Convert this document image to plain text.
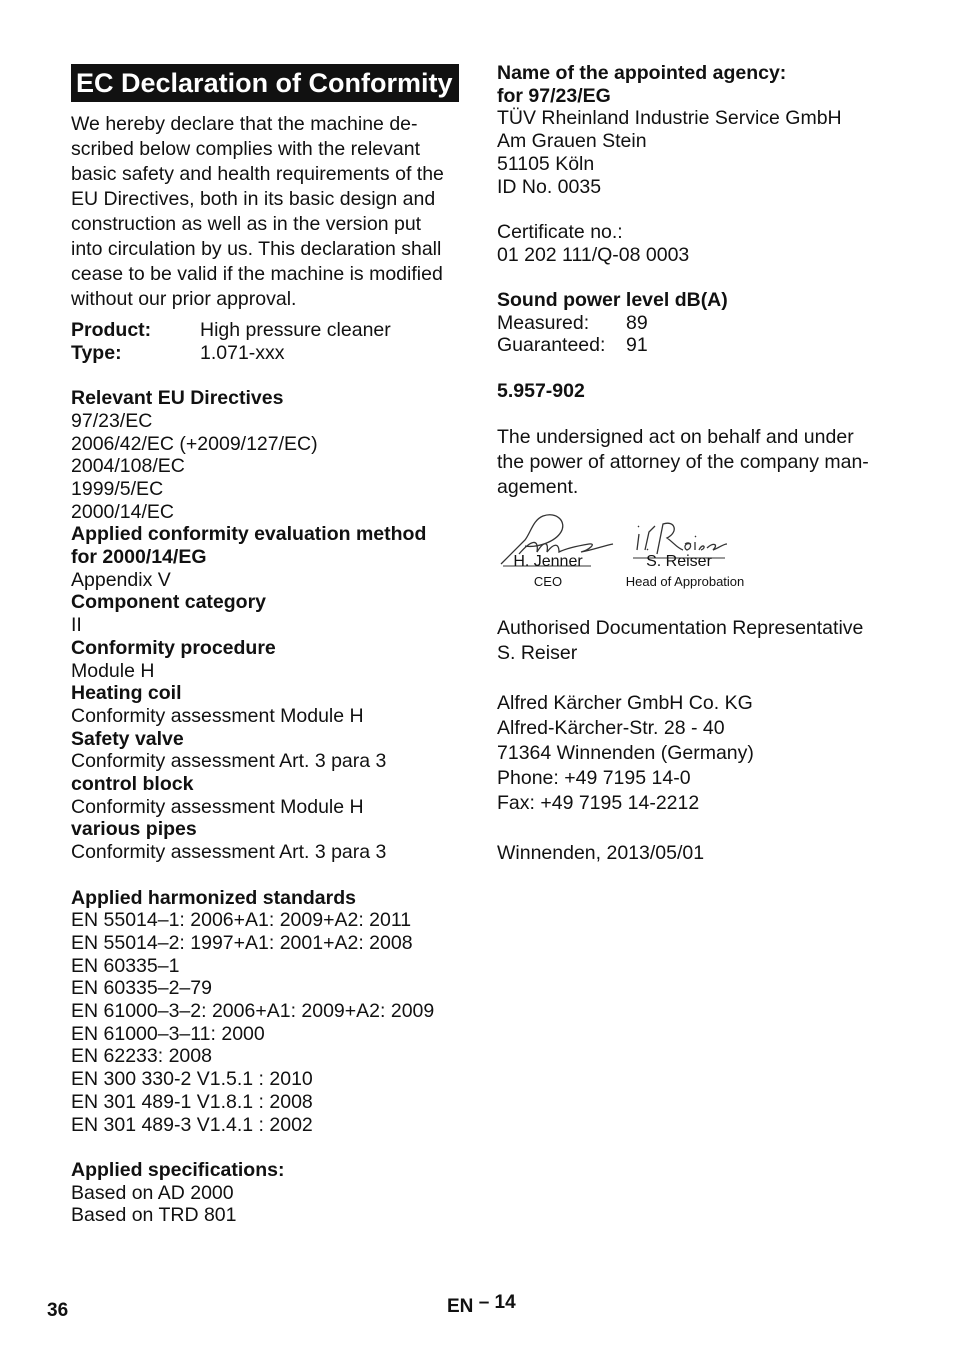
EC Declaration of Conformity
We hereby declare that the machine de-
scribed below complies with the relevant
basic safety and health requirements of the
EU Directives, both in its basic design and
construction as well as in the version put
into circulation by us. This declaration shall
cease to be valid if the machine is modified
without our prior approval.
Product:	High pressure cleaner
Type:	1.071-xxx
Relevant EU Directives
97/23/EC
2006/42/EC (+2009/127/EC)
2004/108/EC
1999/5/EC
2000/14/EC
Applied conformity evaluation method
for 2000/14/EG
Appendix V
Component category
II
Conformity procedure
Module H
Heating coil
Conformity assessment Module H
Safety valve
Conformity assessment Art. 3 para 3
control block
Conformity assessment Module H
various pipes
Conformity assessment Art. 3 para 3
Applied harmonized standards
EN 55014–1: 2006+A1: 2009+A2: 2011
EN 55014–2: 1997+A1: 2001+A2: 2008
EN 60335–1
EN 60335–2–79
EN 61000–3–2: 2006+A1: 2009+A2: 2009
EN 61000–3–11: 2000
EN 62233: 2008
EN 300 330-2 V1.5.1 : 2010
EN 301 489-1 V1.8.1 : 2008
EN 301 489-3 V1.4.1 : 2002
Applied specifications:
Based on AD 2000
Based on TRD 801
Name of the appointed agency:
for 97/23/EG
TÜV Rheinland Industrie Service GmbH
Am Grauen Stein
51105 Köln
ID No. 0035
Certificate no.:
01 202 111/Q-08 0003
Sound power level dB(A)
Measured:	89
Guaranteed:	91
5.957-902
The undersigned act on behalf and under
the power of attorney of the company man-
agement.
H. Jenner
CEO
S. Reiser
Head of Approbation
Authorised Documentation Representative
S. Reiser
Alfred Kärcher GmbH Co. KG
Alfred-Kärcher-Str. 28 - 40
71364 Winnenden (Germany)
Phone: +49 7195 14-0
Fax: +49 7195 14-2212
Winnenden, 2013/05/01
36	EN – 14
